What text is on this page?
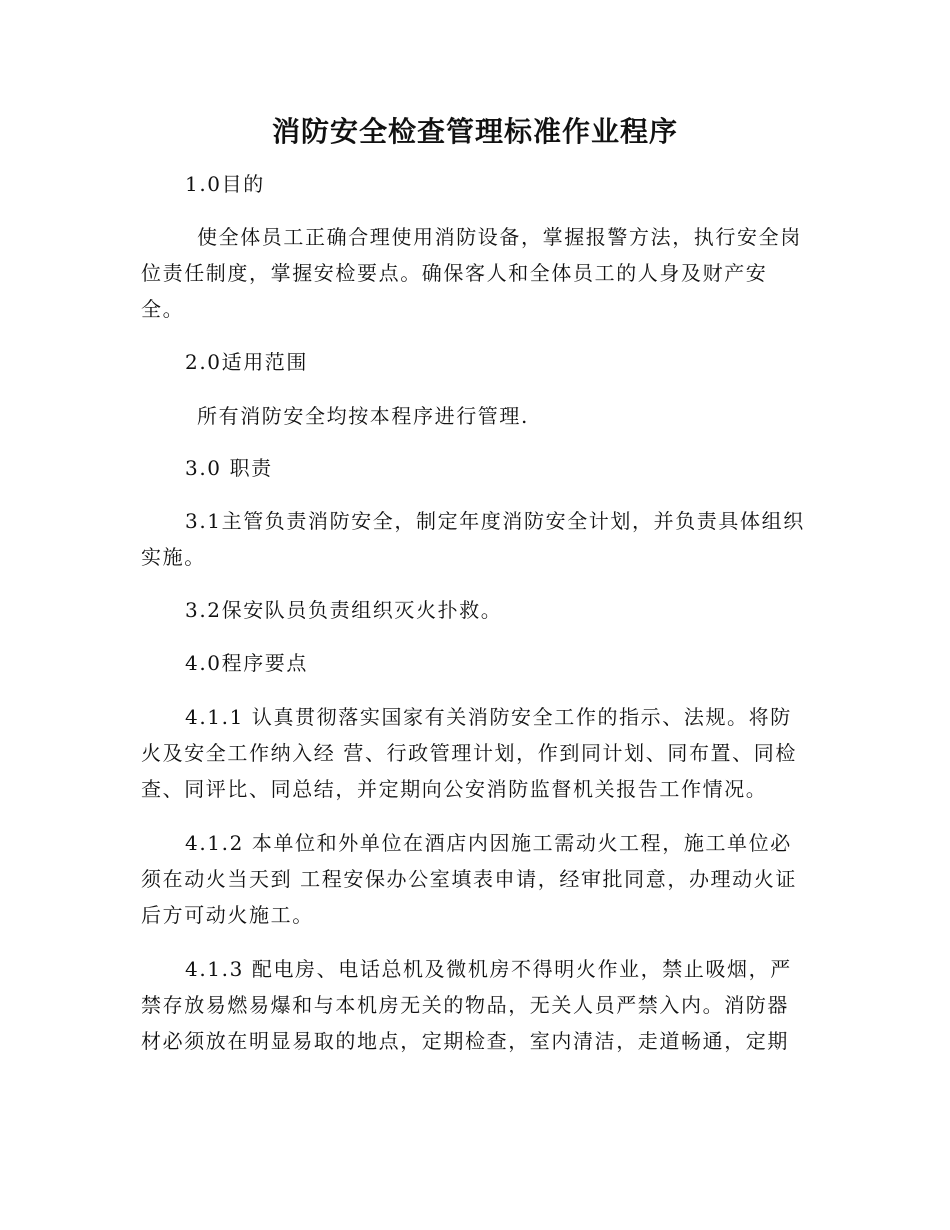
消防安全检查管理标准作业程序

1.0目的

使全体员工正确合理使用消防设备，掌握报警方法，执行安全岗

位责任制度，掌握安检要点。确保客人和全体员工的人身及财产安

全。

2.0适用范围

所有消防安全均按本程序进行管理.

3.0 职责

3.1主管负责消防安全，制定年度消防安全计划，并负责具体组织

实施。

3.2保安队员负责组织灭火扑救。

4.0程序要点

4.1.1 认真贯彻落实国家有关消防安全工作的指示、法规。将防

火及安全工作纳入经 营、行政管理计划，作到同计划、同布置、同检

查、同评比、同总结，并定期向公安消防监督机关报告工作情况。

4.1.2 本单位和外单位在酒店内因施工需动火工程，施工单位必

须在动火当天到 工程安保办公室填表申请，经审批同意，办理动火证

后方可动火施工。

4.1.3 配电房、电话总机及微机房不得明火作业，禁止吸烟，严

禁存放易燃易爆和与本机房无关的物品，无关人员严禁入内。消防器

材必须放在明显易取的地点，定期检查，室内清洁，走道畅通，定期
